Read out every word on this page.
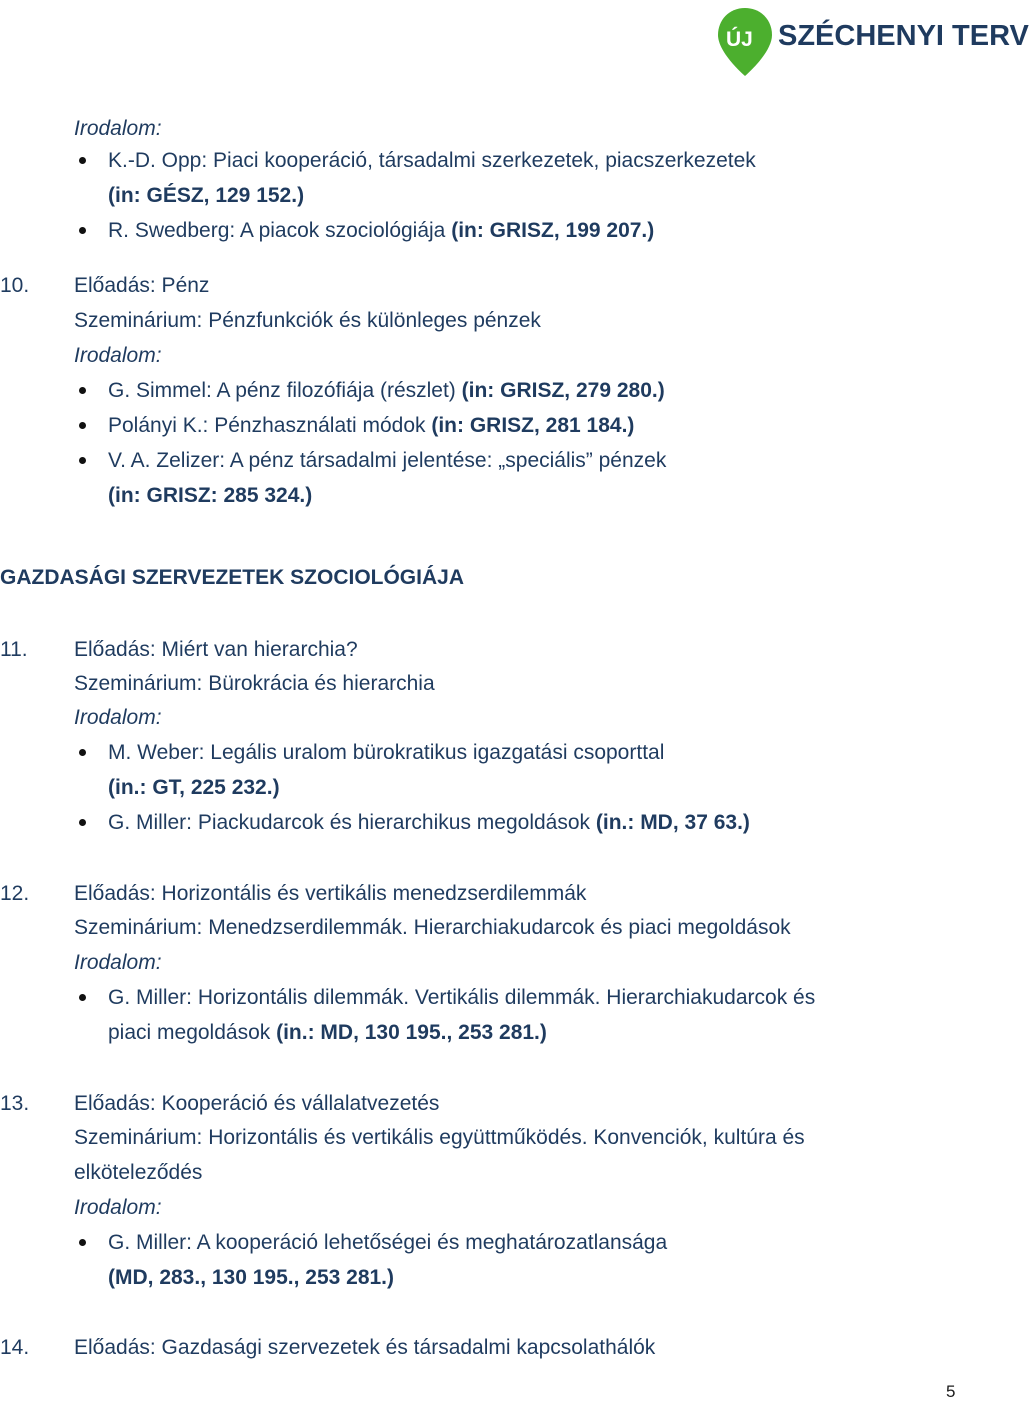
ÚJ SZÉCHENYI TERV
Irodalom:
K.-D. Opp: Piaci kooperáció, társadalmi szerkezetek, piacszerkezetek
(in: GÉSZ, 129 152.)
R. Swedberg: A piacok szociológiája (in: GRISZ, 199 207.)
10. Előadás: Pénz
Szeminárium: Pénzfunkciók és különleges pénzek
Irodalom:
G. Simmel: A pénz filozófiája (részlet) (in: GRISZ, 279 280.)
Polányi K.: Pénzhasználati módok (in: GRISZ, 281 184.)
V. A. Zelizer: A pénz társadalmi jelentése: „speciális” pénzek
(in: GRISZ: 285 324.)
GAZDASÁGI SZERVEZETEK SZOCIOLÓGIÁJA
11. Előadás: Miért van hierarchia?
Szeminárium: Bürokrácia és hierarchia
Irodalom:
M. Weber: Legális uralom bürokratikus igazgatási csoporttal
(in.: GT, 225 232.)
G. Miller: Piackudarcok és hierarchikus megoldások (in.: MD, 37 63.)
12. Előadás: Horizontális és vertikális menedzserdilemmák
Szeminárium: Menedzserdilemmák. Hierarchiakudarcok és piaci megoldások
Irodalom:
G. Miller: Horizontális dilemmák. Vertikális dilemmák. Hierarchiakudarcok és
piaci megoldások (in.: MD, 130 195., 253 281.)
13. Előadás: Kooperáció és vállalatvezetés
Szeminárium: Horizontális és vertikális együttműködés. Konvenciók, kultúra és
elköteleződés
Irodalom:
G. Miller: A kooperáció lehetőségei és meghatározatlansága
(MD, 283., 130 195., 253 281.)
14. Előadás: Gazdasági szervezetek és társadalmi kapcsolathálók
5
